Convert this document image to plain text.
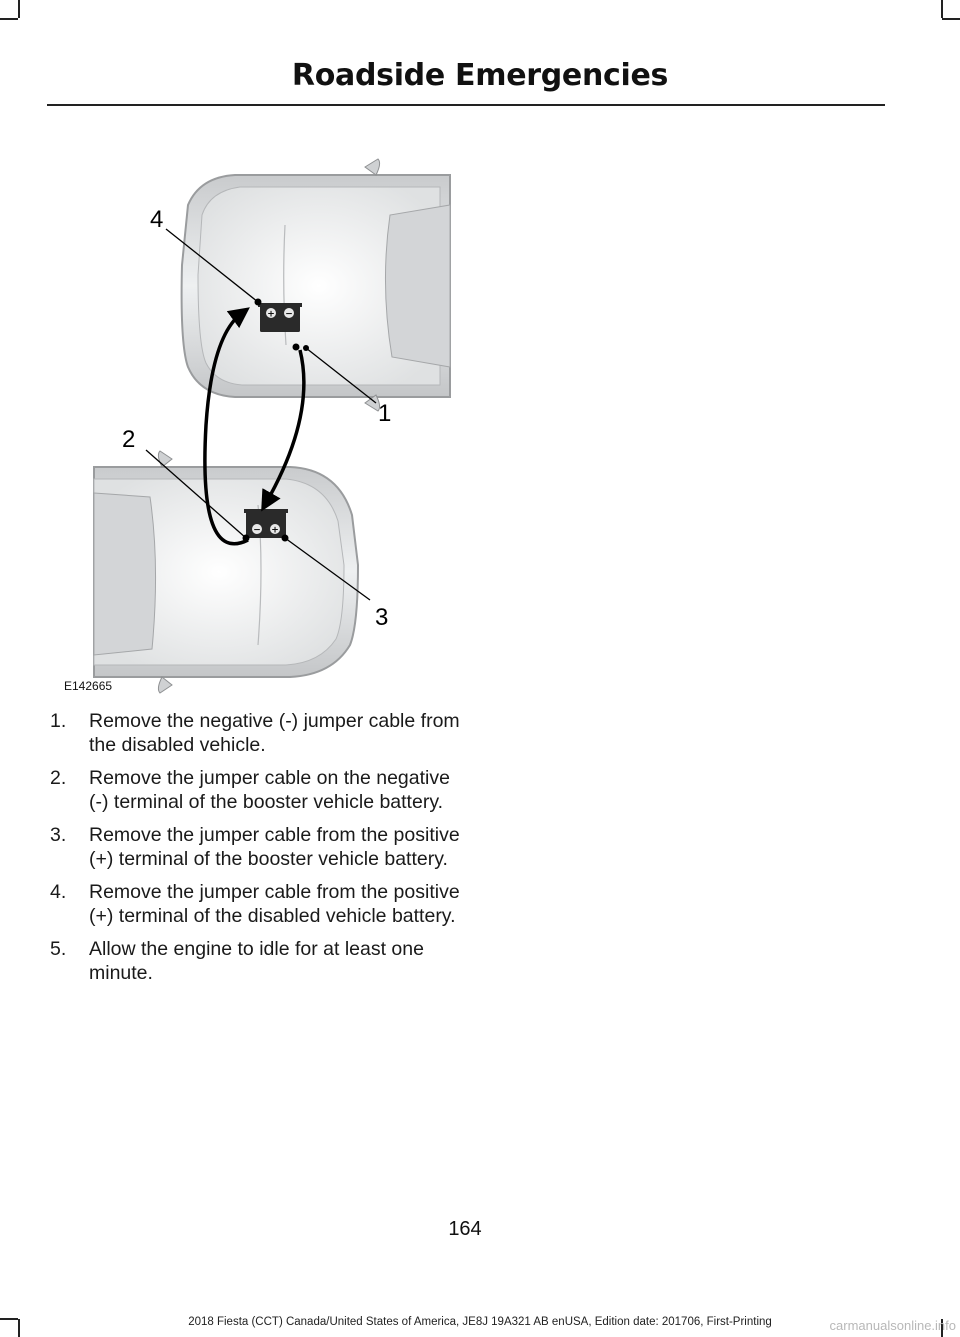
Roadside Emergencies
+ −
− +
4
1
2
3
E142665
1.	Remove the negative (-) jumper cable from the disabled vehicle.
2.	Remove the jumper cable on the negative (-) terminal of the booster vehicle battery.
3.	Remove the jumper cable from the positive (+) terminal of the booster vehicle battery.
4.	Remove the jumper cable from the positive (+) terminal of the disabled vehicle battery.
5.	Allow the engine to idle for at least one minute.
164
2018 Fiesta (CCT) Canada/United States of America, JE8J 19A321 AB enUSA, Edition date: 201706, First-Printing	carmanualsonline.info
